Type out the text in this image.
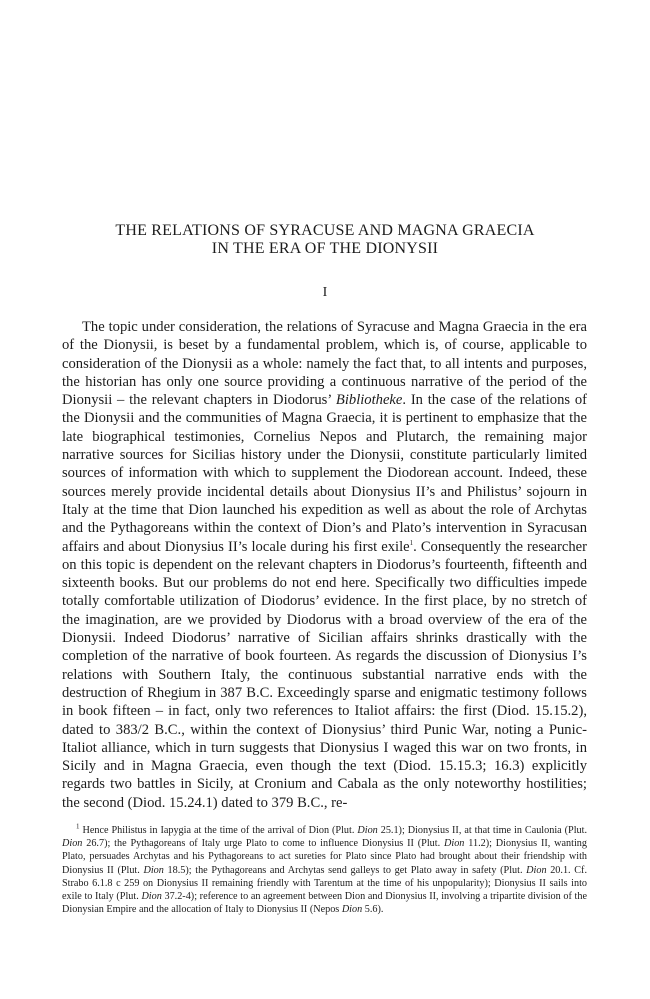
THE RELATIONS OF SYRACUSE AND MAGNA GRAECIA
IN THE ERA OF THE DIONYSII
I

The topic under consideration, the relations of Syracuse and Magna Graecia in the era of the Dionysii, is beset by a fundamental problem, which is, of course, applicable to consideration of the Dionysii as a whole: namely the fact that, to all intents and purposes, the historian has only one source providing a continuous narrative of the period of the Dionysii – the relevant chapters in Diodorus’ Bibliotheke. In the case of the relations of the Dionysii and the communities of Magna Graecia, it is pertinent to emphasize that the late biographical testimonies, Cornelius Nepos and Plutarch, the remaining major narrative sources for Sicilias history under the Dionysii, constitute particularly limited sources of information with which to supplement the Diodorean account. Indeed, these sources merely provide incidental details about Dionysius II’s and Philistus’ sojourn in Italy at the time that Dion launched his expedition as well as about the role of Archytas and the Pythagoreans within the context of Dion’s and Plato’s intervention in Syracusan affairs and about Dionysius II’s locale during his first exile$^1$. Consequently the researcher on this topic is dependent on the relevant chapters in Diodorus’s fourteenth, fifteenth and sixteenth books. But our problems do not end here. Specifically two difficulties impede totally comfortable utilization of Diodorus’ evidence. In the first place, by no stretch of the imagination, are we provided by Diodorus with a broad overview of the era of the Dionysii. Indeed Diodorus’ narrative of Sicilian affairs shrinks drastically with the completion of the narrative of book fourteen. As regards the discussion of Dionysius I’s relations with Southern Italy, the continuous substantial narrative ends with the destruction of Rhegium in 387 B.C. Exceedingly sparse and enigmatic testimony follows in book fifteen – in fact, only two references to Italiot affairs: the first (Diod. 15.15.2), dated to 383/2 B.C., within the context of Dionysius’ third Punic War, noting a Punic-Italiot alliance, which in turn suggests that Dionysius I waged this war on two fronts, in Sicily and in Magna Graecia, even though the text (Diod. 15.15.3; 16.3) explicitly regards two battles in Sicily, at Cronium and Cabala as the only noteworthy hostilities; the second (Diod. 15.24.1) dated to 379 B.C., re-

$^1$ Hence Philistus in Iapygia at the time of the arrival of Dion (Plut. Dion 25.1); Dionysius II, at that time in Caulonia (Plut. Dion 26.7); the Pythagoreans of Italy urge Plato to come to influence Dionysius II (Plut. Dion 11.2); Dionysius II, wanting Plato, persuades Archytas and his Pythagoreans to act sureties for Plato since Plato had brought about their friendship with Dionysius II (Plut. Dion 18.5); the Pythagoreans and Archytas send galleys to get Plato away in safety (Plut. Dion 20.1. Cf. Strabo 6.1.8 c 259 on Dionysius II remaining friendly with Tarentum at the time of his unpopularity); Dionysius II sails into exile to Italy (Plut. Dion 37.2-4); reference to an agreement between Dion and Dionysius II, involving a tripartite division of the Dionysian Empire and the allocation of Italy to Dionysius II (Nepos Dion 5.6).
